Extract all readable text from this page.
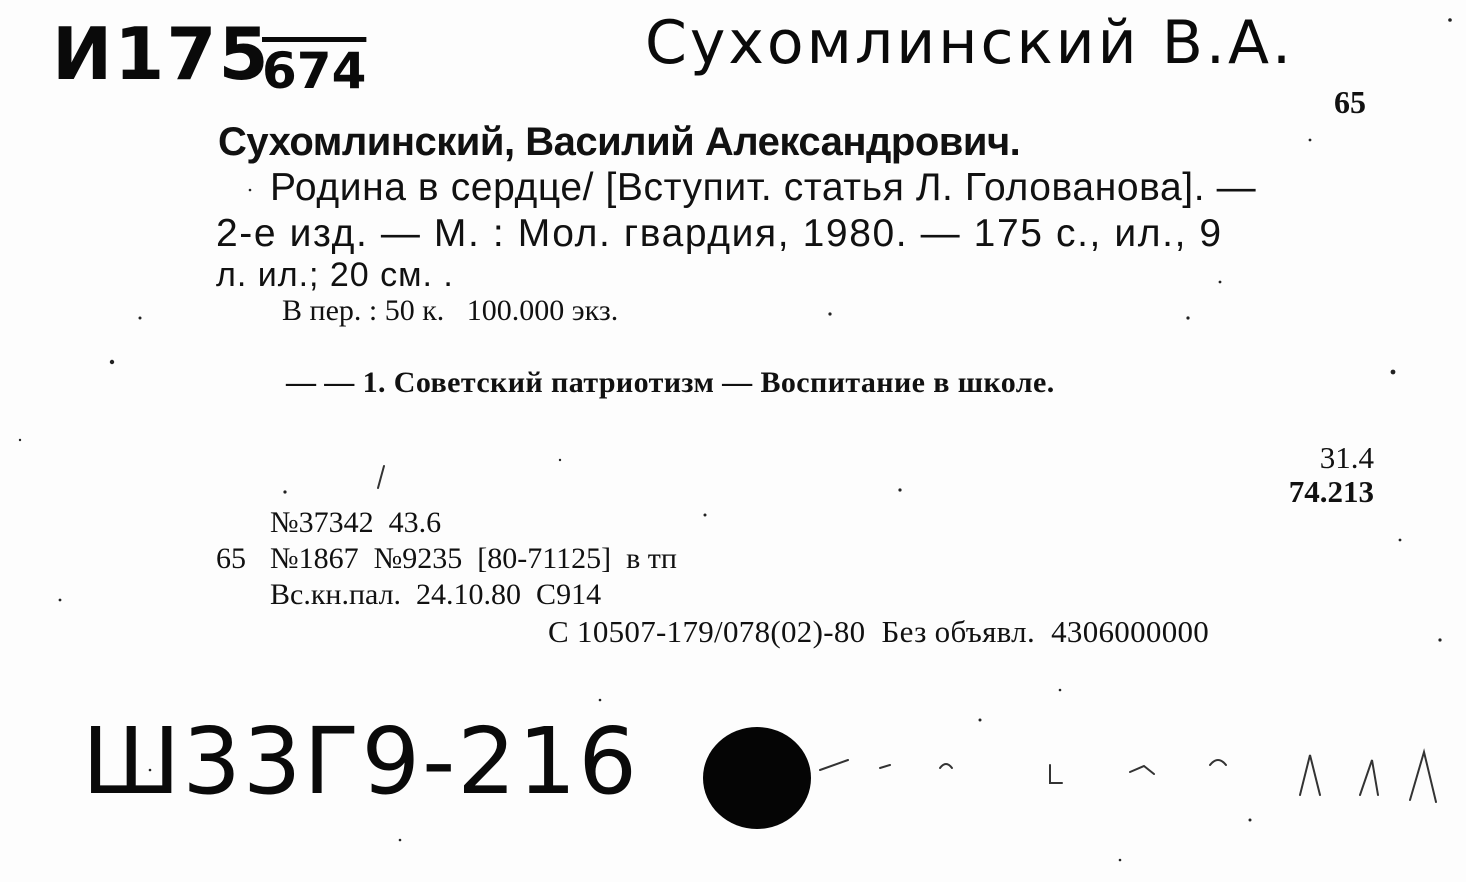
И175
674	Сухомлинский В.А.
Ш33Г9-216
65
Сухомлинский, Василий Александрович.
Родина в сердце/ [Вступит. статья Л. Голованова]. —
2-е изд. — М. : Мол. гвардия, 1980. — 175 с., ил., 9
л. ил.; 20 см. .
В пер. : 50 к.   100.000 экз.
— — 1. Советский патриотизм — Воспитание в школе.
31.4
74.213
№37342  43.6
65 №1867  №9235  [80-71125]  в тп
Вс.кн.пал.  24.10.80  С914
С 10507-179/078(02)-80  Без объявл.  4306000000
